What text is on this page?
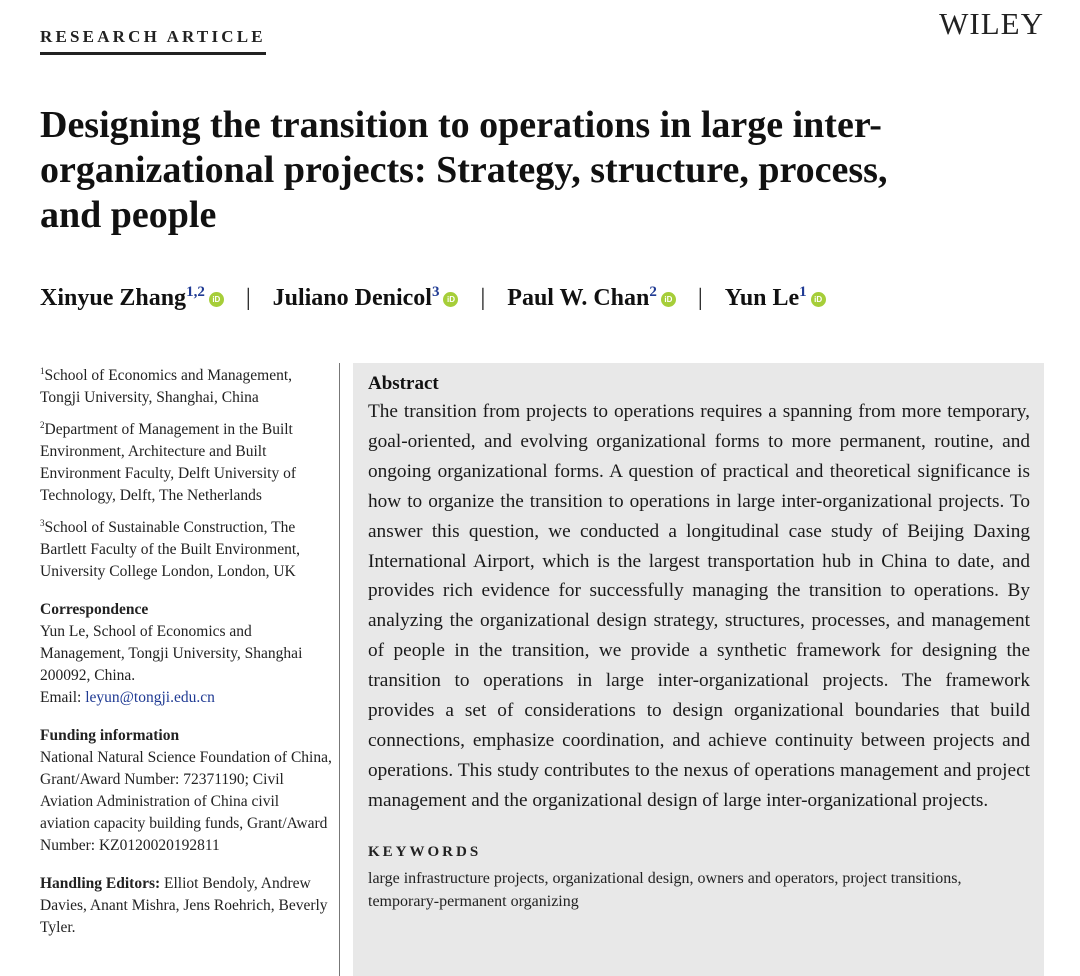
RESEARCH ARTICLE	WILEY
Designing the transition to operations in large inter-organizational projects: Strategy, structure, process, and people
Xinyue Zhang$^{1,2}$ iD | Juliano Denicol$^3$ iD | Paul W. Chan$^2$ iD | Yun Le$^1$ iD

$^1$School of Economics and Management, Tongji University, Shanghai, China

$^2$Department of Management in the Built Environment, Architecture and Built Environment Faculty, Delft University of Technology, Delft, The Netherlands

$^3$School of Sustainable Construction, The Bartlett Faculty of the Built Environment, University College London, London, UK

Correspondence

Yun Le, School of Economics and Management, Tongji University, Shanghai 200092, China.

Email: leyun@tongji.edu.cn

Funding information

National Natural Science Foundation of China, Grant/Award Number: 72371190; Civil Aviation Administration of China civil aviation capacity building funds, Grant/Award Number: KZ0120020192811

Handling Editors: Elliot Bendoly, Andrew Davies, Anant Mishra, Jens Roehrich, Beverly Tyler.

Abstract

The transition from projects to operations requires a spanning from more temporary, goal-oriented, and evolving organizational forms to more permanent, routine, and ongoing organizational forms. A question of practical and theoretical significance is how to organize the transition to operations in large inter-organizational projects. To answer this question, we conducted a longitudinal case study of Beijing Daxing International Airport, which is the largest transportation hub in China to date, and provides rich evidence for successfully managing the transition to operations. By analyzing the organizational design strategy, structures, processes, and management of people in the transition, we provide a synthetic framework for designing the transition to operations in large inter-organizational projects. The framework provides a set of considerations to design organizational boundaries that build connections, emphasize coordination, and achieve continuity between projects and operations. This study contributes to the nexus of operations management and project management and the organizational design of large inter-organizational projects.

KEYWORDS
large infrastructure projects, organizational design, owners and operators, project transitions, temporary-permanent organizing
